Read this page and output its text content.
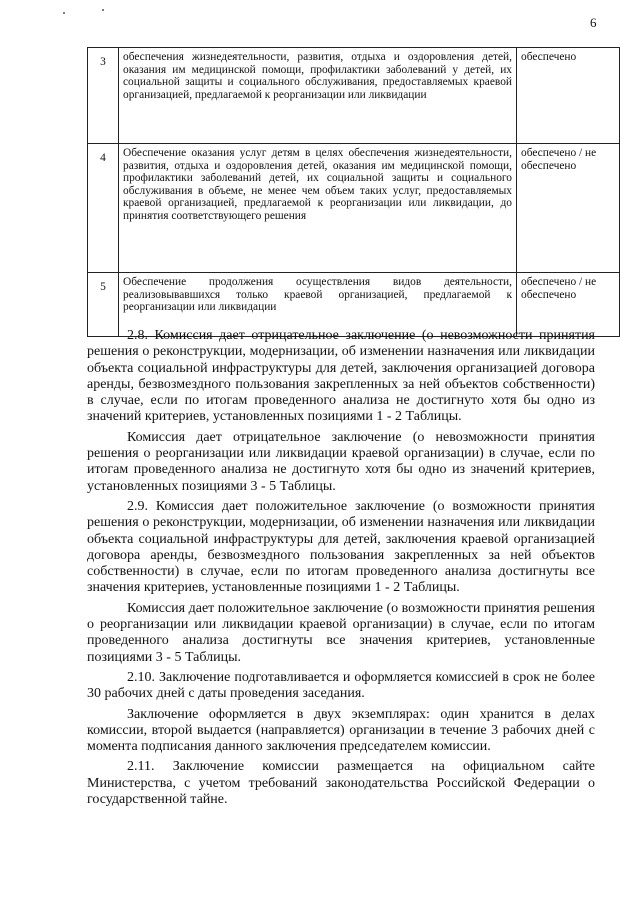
6
3	обеспечения жизнедеятельности, развития, отдыха и оздоровления детей, оказания им медицинской помощи, профилактики заболеваний у детей, их социальной защиты и социального обслуживания, предоставляемых краевой организацией, предлагаемой к реорганизации или ликвидации	обеспечено
4	Обеспечение оказания услуг детям в целях обеспечения жизнедеятельности, развития, отдыха и оздоровления детей, оказания им медицинской помощи, профилактики заболеваний детей, их социальной защиты и социального обслуживания в объеме, не менее чем объем таких услуг, предоставляемых краевой организацией, предлагаемой к реорганизации или ликвидации, до принятия соответствующего решения	обеспечено / не обеспечено
5	Обеспечение продолжения осуществления видов деятельности, реализовывавшихся только краевой организацией, предлагаемой к реорганизации или ликвидации	обеспечено / не обеспечено

2.8. Комиссия дает отрицательное заключение (о невозможности принятия решения о реконструкции, модернизации, об изменении назначения или ликвидации объекта социальной инфраструктуры для детей, заключения организацией договора аренды, безвозмездного пользования закрепленных за ней объектов собственности) в случае, если по итогам проведенного анализа не достигнуто хотя бы одно из значений критериев, установленных позициями 1 - 2 Таблицы.

Комиссия дает отрицательное заключение (о невозможности принятия решения о реорганизации или ликвидации краевой организации) в случае, если по итогам проведенного анализа не достигнуто хотя бы одно из значений критериев, установленных позициями 3 - 5 Таблицы.

2.9. Комиссия дает положительное заключение (о возможности принятия решения о реконструкции, модернизации, об изменении назначения или ликвидации объекта социальной инфраструктуры для детей, заключения краевой организацией договора аренды, безвозмездного пользования закрепленных за ней объектов собственности) в случае, если по итогам проведенного анализа достигнуты все значения критериев, установленные позициями 1 - 2 Таблицы.

Комиссия дает положительное заключение (о возможности принятия решения о реорганизации или ликвидации краевой организации) в случае, если по итогам проведенного анализа достигнуты все значения критериев, установленные позициями 3 - 5 Таблицы.

2.10. Заключение подготавливается и оформляется комиссией в срок не более 30 рабочих дней с даты проведения заседания.

Заключение оформляется в двух экземплярах: один хранится в делах комиссии, второй выдается (направляется) организации в течение 3 рабочих дней с момента подписания данного заключения председателем комиссии.

2.11. Заключение комиссии размещается на официальном сайте Министерства, с учетом требований законодательства Российской Федерации о государственной тайне.
